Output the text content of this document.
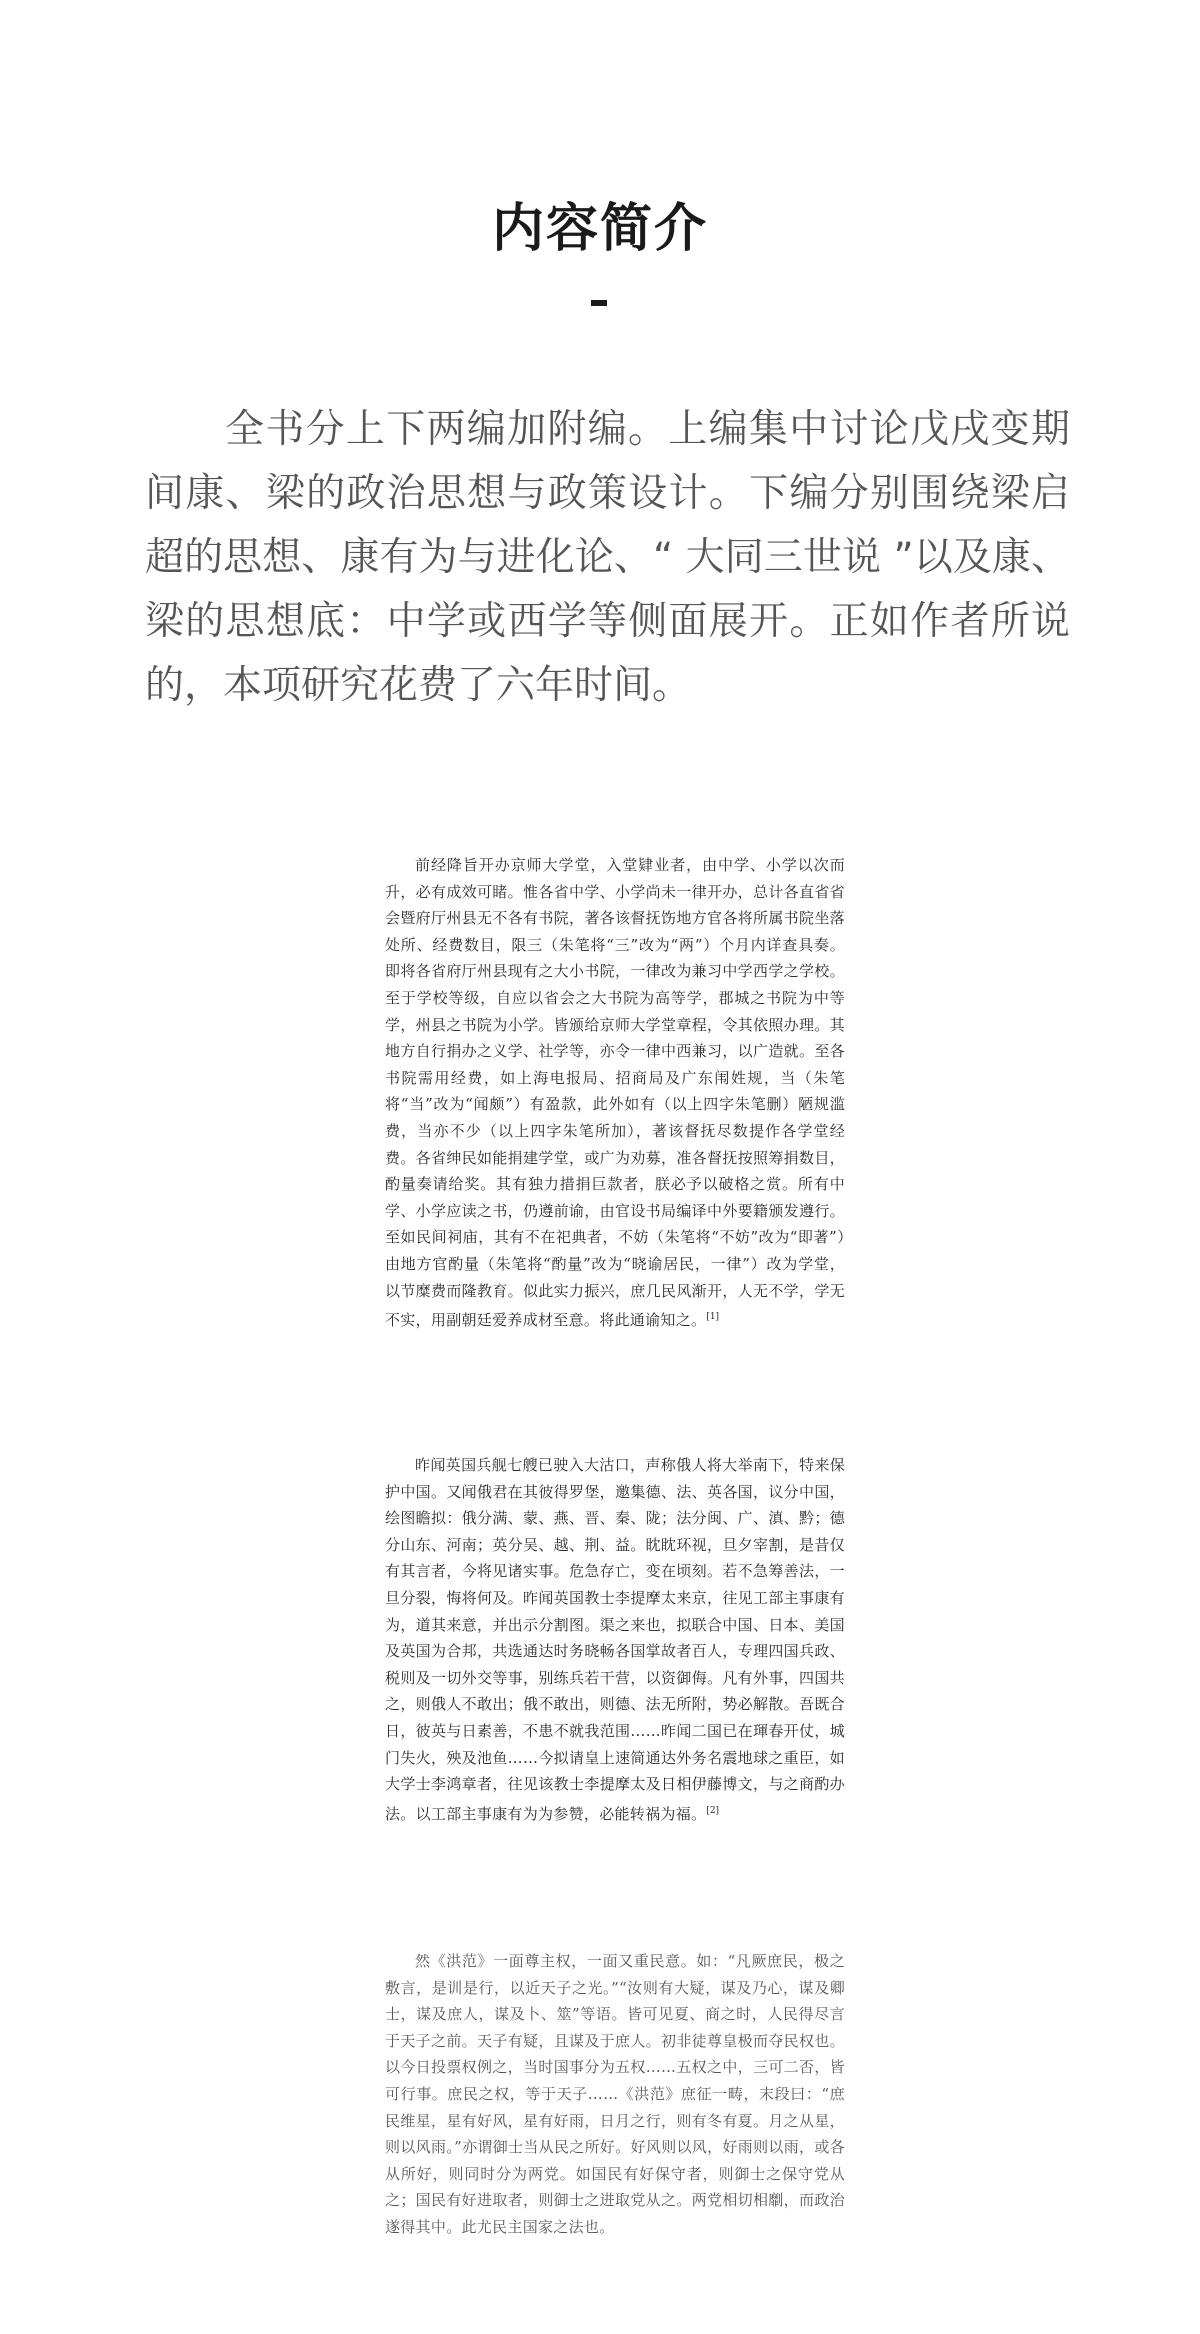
内容简介

全书分上下两编加附编。上编集中讨论戊戌变期间康、梁的政治思想与政策设计。下编分别围绕梁启超的思想、康有为与进化论、“ 大同三世说 ”以及康、梁的思想底：中学或西学等侧面展开。正如作者所说的，本项研究花费了六年时间。

前经降旨开办京师大学堂，入堂肄业者，由中学、小学以次而升，必有成效可睹。惟各省中学、小学尚未一律开办，总计各直省省会暨府厅州县无不各有书院，著各该督抚饬地方官各将所属书院坐落处所、经费数目，限三（朱笔将“三”改为“两”）个月内详查具奏。即将各省府厅州县现有之大小书院，一律改为兼习中学西学之学校。至于学校等级，自应以省会之大书院为高等学，郡城之书院为中等学，州县之书院为小学。皆颁给京师大学堂章程，令其依照办理。其地方自行捐办之义学、社学等，亦令一律中西兼习，以广造就。至各书院需用经费，如上海电报局、招商局及广东闱姓规，当（朱笔将“当”改为“闻颇”）有盈款，此外如有（以上四字朱笔删）陋规滥费，当亦不少（以上四字朱笔所加），著该督抚尽数提作各学堂经费。各省绅民如能捐建学堂，或广为劝募，准各督抚按照筹捐数目，酌量奏请给奖。其有独力措捐巨款者，朕必予以破格之赏。所有中学、小学应读之书，仍遵前谕，由官设书局编译中外要籍颁发遵行。至如民间祠庙，其有不在祀典者，不妨（朱笔将“不妨”改为“即著”）由地方官酌量（朱笔将“酌量”改为“晓谕居民，一律”）改为学堂，以节糜费而隆教育。似此实力振兴，庶几民风渐开，人无不学，学无不实，用副朝廷爱养成材至意。将此通谕知之。[1]

昨闻英国兵舰七艘已驶入大沽口，声称俄人将大举南下，特来保护中国。又闻俄君在其彼得罗堡，邀集德、法、英各国，议分中国，绘图瞻拟：俄分满、蒙、燕、晋、秦、陇；法分闽、广、滇、黔；德分山东、河南；英分吴、越、荆、益。眈眈环视，旦夕宰割，是昔仅有其言者，今将见诸实事。危急存亡，变在顷刻。若不急筹善法，一旦分裂，悔将何及。昨闻英国教士李提摩太来京，往见工部主事康有为，道其来意，并出示分割图。渠之来也，拟联合中国、日本、美国及英国为合邦，共选通达时务晓畅各国掌故者百人，专理四国兵政、税则及一切外交等事，别练兵若干营，以资御侮。凡有外事，四国共之，则俄人不敢出；俄不敢出，则德、法无所附，势必解散。吾既合日，彼英与日素善，不患不就我范围……昨闻二国已在琿春开仗，城门失火，殃及池鱼……今拟请皇上速简通达外务名震地球之重臣，如大学士李鸿章者，往见该教士李提摩太及日相伊藤博文，与之商酌办法。以工部主事康有为为参赞，必能转祸为福。[2]

然《洪范》一面尊主权，一面又重民意。如：“凡厥庶民，极之敷言，是训是行，以近天子之光。”“汝则有大疑，谋及乃心，谋及卿士，谋及庶人，谋及卜、筮”等语。皆可见夏、商之时，人民得尽言于天子之前。天子有疑，且谋及于庶人。初非徒尊皇极而夺民权也。以今日投票权例之，当时国事分为五权……五权之中，三可二否，皆可行事。庶民之权，等于天子……《洪范》庶征一畴，末段曰：“庶民维星，星有好风，星有好雨，日月之行，则有冬有夏。月之从星，则以风雨。”亦谓御士当从民之所好。好风则以风，好雨则以雨，或各从所好，则同时分为两党。如国民有好保守者，则御士之保守党从之；国民有好进取者，则御士之进取党从之。两党相切相劘，而政治遂得其中。此尤民主国家之法也。
